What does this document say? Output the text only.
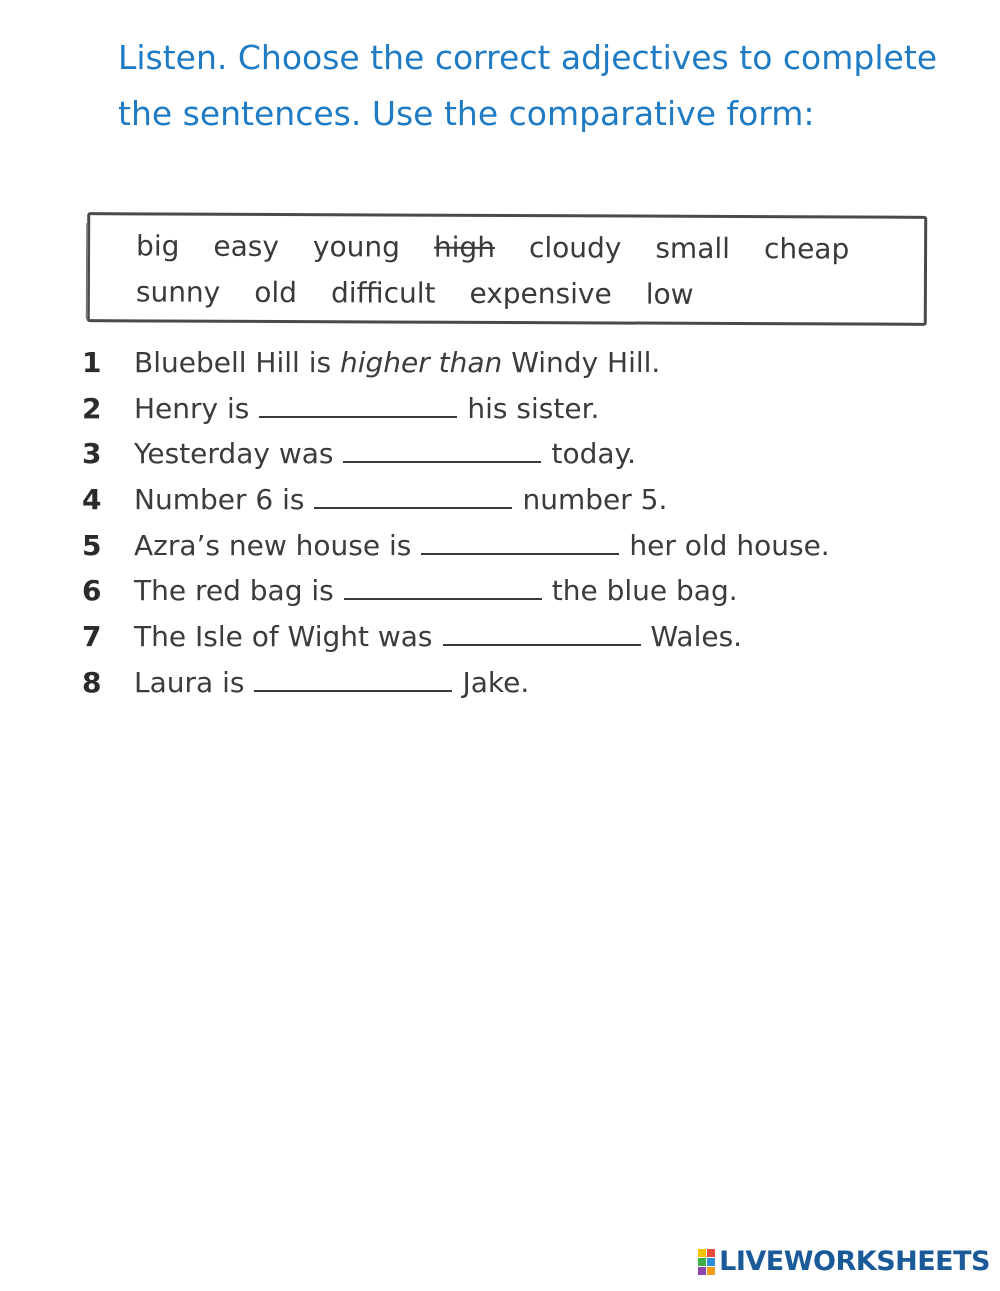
Listen. Choose the correct adjectives to complete
the sentences. Use the comparative form:

big easy young high cloudy small cheap
sunny old difficult expensive low
1	Bluebell Hill is higher than Windy Hill.
2	Henry is	his sister.
3	Yesterday was	today.
4	Number 6 is	number 5.
5	Azra’s new house is	her old house.
6	The red bag is	the blue bag.
7	The Isle of Wight was	Wales.
8	Laura is	Jake.
LIVEWORKSHEETS
